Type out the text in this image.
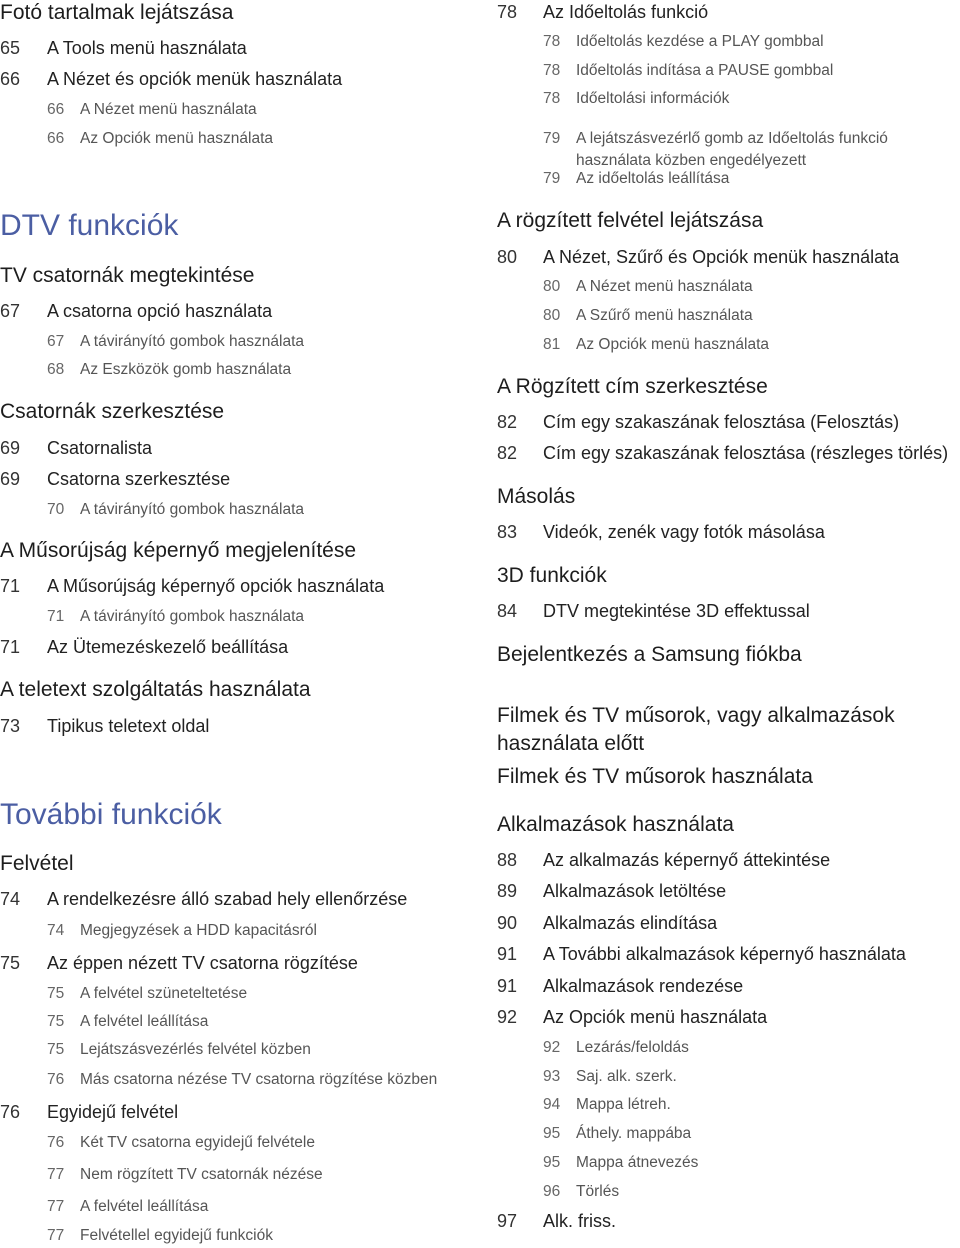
Fotó tartalmak lejátszása
65 A Tools menü használata
66 A Nézet és opciók menük használata
66 A Nézet menü használata
66 Az Opciók menü használata
DTV funkciók
TV csatornák megtekintése
67 A csatorna opció használata
67 A távirányító gombok használata
68 Az Eszközök gomb használata
Csatornák szerkesztése
69 Csatornalista
69 Csatorna szerkesztése
70 A távirányító gombok használata
A Műsorújság képernyő megjelenítése
71 A Műsorújság képernyő opciók használata
71 A távirányító gombok használata
71 Az Ütemezéskezelő beállítása
A teletext szolgáltatás használata
73 Tipikus teletext oldal
További funkciók
Felvétel
74 A rendelkezésre álló szabad hely ellenőrzése
74 Megjegyzések a HDD kapacitásról
75 Az éppen nézett TV csatorna rögzítése
75 A felvétel szüneteltetése
75 A felvétel leállítása
75 Lejátszásvezérlés felvétel közben
76 Más csatorna nézése TV csatorna rögzítése közben
76 Egyidejű felvétel
76 Két TV csatorna egyidejű felvétele
77 Nem rögzített TV csatornák nézése
77 A felvétel leállítása
77 Felvétellel egyidejű funkciók
78 Az Időeltolás funkció
78 Időeltolás kezdése a PLAY gombbal
78 Időeltolás indítása a PAUSE gombbal
78 Időeltolási információk
79 A lejátszásvezérlő gomb az Időeltolás funkció használata közben engedélyezett
79 Az időeltolás leállítása
A rögzített felvétel lejátszása
80 A Nézet, Szűrő és Opciók menük használata
80 A Nézet menü használata
80 A Szűrő menü használata
81 Az Opciók menü használata
A Rögzített cím szerkesztése
82 Cím egy szakaszának felosztása (Felosztás)
82 Cím egy szakaszának felosztása (részleges törlés)
Másolás
83 Videók, zenék vagy fotók másolása
3D funkciók
84 DTV megtekintése 3D effektussal
Bejelentkezés a Samsung fiókba
Filmek és TV műsorok, vagy alkalmazások használata előtt
Filmek és TV műsorok használata
Alkalmazások használata
88 Az alkalmazás képernyő áttekintése
89 Alkalmazások letöltése
90 Alkalmazás elindítása
91 A További alkalmazások képernyő használata
91 Alkalmazások rendezése
92 Az Opciók menü használata
92 Lezárás/feloldás
93 Saj. alk. szerk.
94 Mappa létreh.
95 Áthely. mappába
95 Mappa átnevezés
96 Törlés
97 Alk. friss.
